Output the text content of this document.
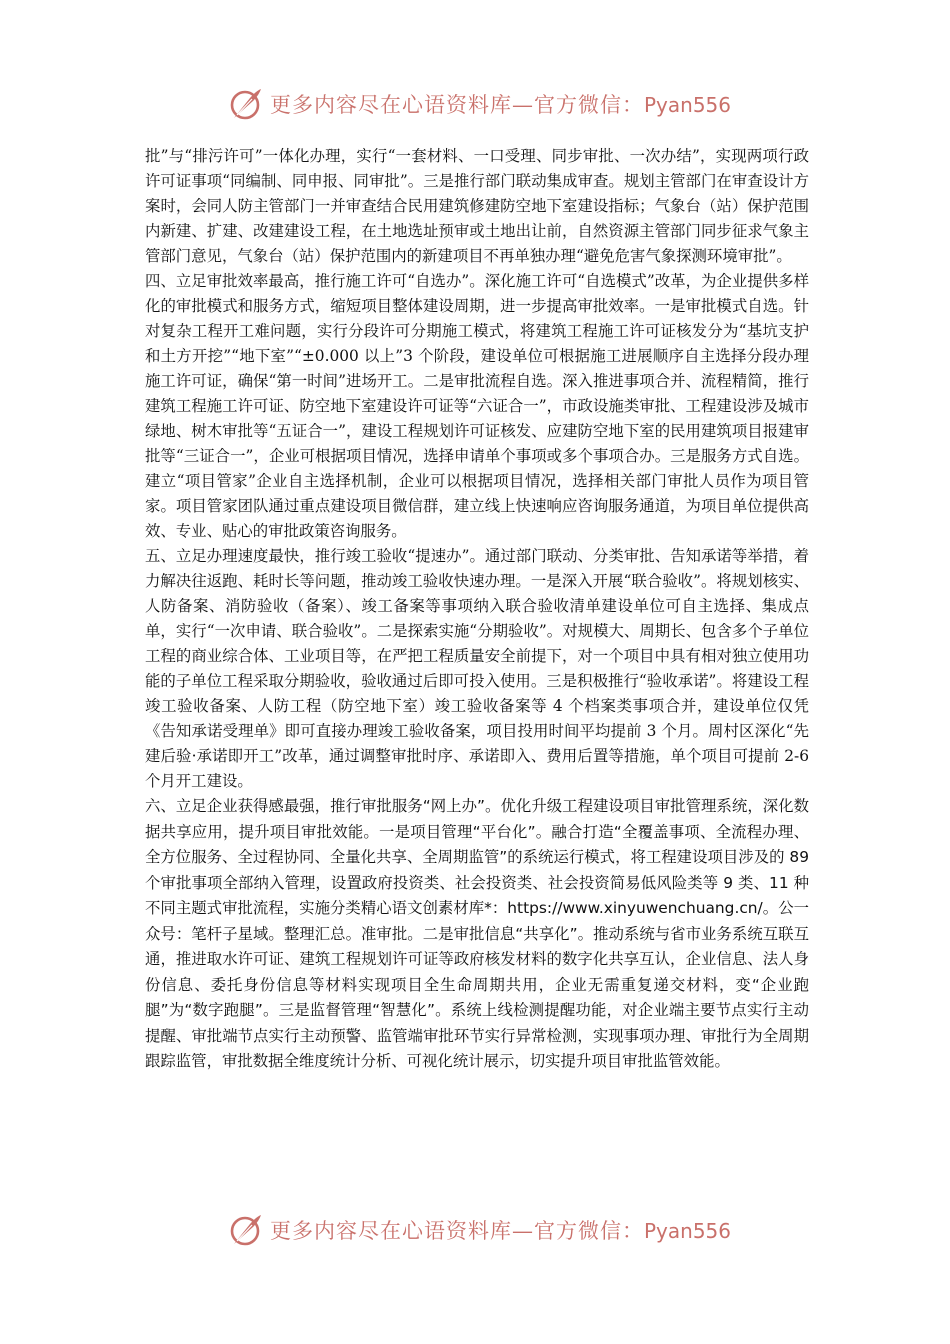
更多内容尽在心语资料库—官方微信：Pyan556

批”与“排污许可”一体化办理，实行“一套材料、一口受理、同步审批、一次办结”，实现两项行政许可证事项“同编制、同申报、同审批”。三是推行部门联动集成审查。规划主管部门在审查设计方案时，会同人防主管部门一并审查结合民用建筑修建防空地下室建设指标；气象台（站）保护范围内新建、扩建、改建建设工程，在土地选址预审或土地出让前，自然资源主管部门同步征求气象主管部门意见，气象台（站）保护范围内的新建项目不再单独办理“避免危害气象探测环境审批”。

四、立足审批效率最高，推行施工许可“自选办”。深化施工许可“自选模式”改革，为企业提供多样化的审批模式和服务方式，缩短项目整体建设周期，进一步提高审批效率。一是审批模式自选。针对复杂工程开工难问题，实行分段许可分期施工模式，将建筑工程施工许可证核发分为“基坑支护和土方开挖”“地下室”“±0.000 以上”3 个阶段，建设单位可根据施工进展顺序自主选择分段办理施工许可证，确保“第一时间”进场开工。二是审批流程自选。深入推进事项合并、流程精简，推行建筑工程施工许可证、防空地下室建设许可证等“六证合一”，市政设施类审批、工程建设涉及城市绿地、树木审批等“五证合一”，建设工程规划许可证核发、应建防空地下室的民用建筑项目报建审批等“三证合一”，企业可根据项目情况，选择申请单个事项或多个事项合办。三是服务方式自选。建立“项目管家”企业自主选择机制，企业可以根据项目情况，选择相关部门审批人员作为项目管家。项目管家团队通过重点建设项目微信群，建立线上快速响应咨询服务通道，为项目单位提供高效、专业、贴心的审批政策咨询服务。

五、立足办理速度最快，推行竣工验收“提速办”。通过部门联动、分类审批、告知承诺等举措，着力解决往返跑、耗时长等问题，推动竣工验收快速办理。一是深入开展“联合验收”。将规划核实、人防备案、消防验收（备案）、竣工备案等事项纳入联合验收清单建设单位可自主选择、集成点单，实行“一次申请、联合验收”。二是探索实施“分期验收”。对规模大、周期长、包含多个子单位工程的商业综合体、工业项目等，在严把工程质量安全前提下，对一个项目中具有相对独立使用功能的子单位工程采取分期验收，验收通过后即可投入使用。三是积极推行“验收承诺”。将建设工程竣工验收备案、人防工程（防空地下室）竣工验收备案等 4 个档案类事项合并，建设单位仅凭《告知承诺受理单》即可直接办理竣工验收备案，项目投用时间平均提前 3 个月。周村区深化“先建后验·承诺即开工”改革，通过调整审批时序、承诺即入、费用后置等措施，单个项目可提前 2-6 个月开工建设。

六、立足企业获得感最强，推行审批服务“网上办”。优化升级工程建设项目审批管理系统，深化数据共享应用，提升项目审批效能。一是项目管理“平台化”。融合打造“全覆盖事项、全流程办理、全方位服务、全过程协同、全量化共享、全周期监管”的系统运行模式，将工程建设项目涉及的 89 个审批事项全部纳入管理，设置政府投资类、社会投资类、社会投资简易低风险类等 9 类、11 种不同主题式审批流程，实施分类精心语文创素材库*：https://www.xinyuwenchuang.cn/。公一众号：笔杆子星域。整理汇总。准审批。二是审批信息“共享化”。推动系统与省市业务系统互联互通，推进取水许可证、建筑工程规划许可证等政府核发材料的数字化共享互认，企业信息、法人身份信息、委托身份信息等材料实现项目全生命周期共用，企业无需重复递交材料，变“企业跑腿”为“数字跑腿”。三是监督管理“智慧化”。系统上线检测提醒功能，对企业端主要节点实行主动提醒、审批端节点实行主动预警、监管端审批环节实行异常检测，实现事项办理、审批行为全周期跟踪监管，审批数据全维度统计分析、可视化统计展示，切实提升项目审批监管效能。

更多内容尽在心语资料库—官方微信：Pyan556
